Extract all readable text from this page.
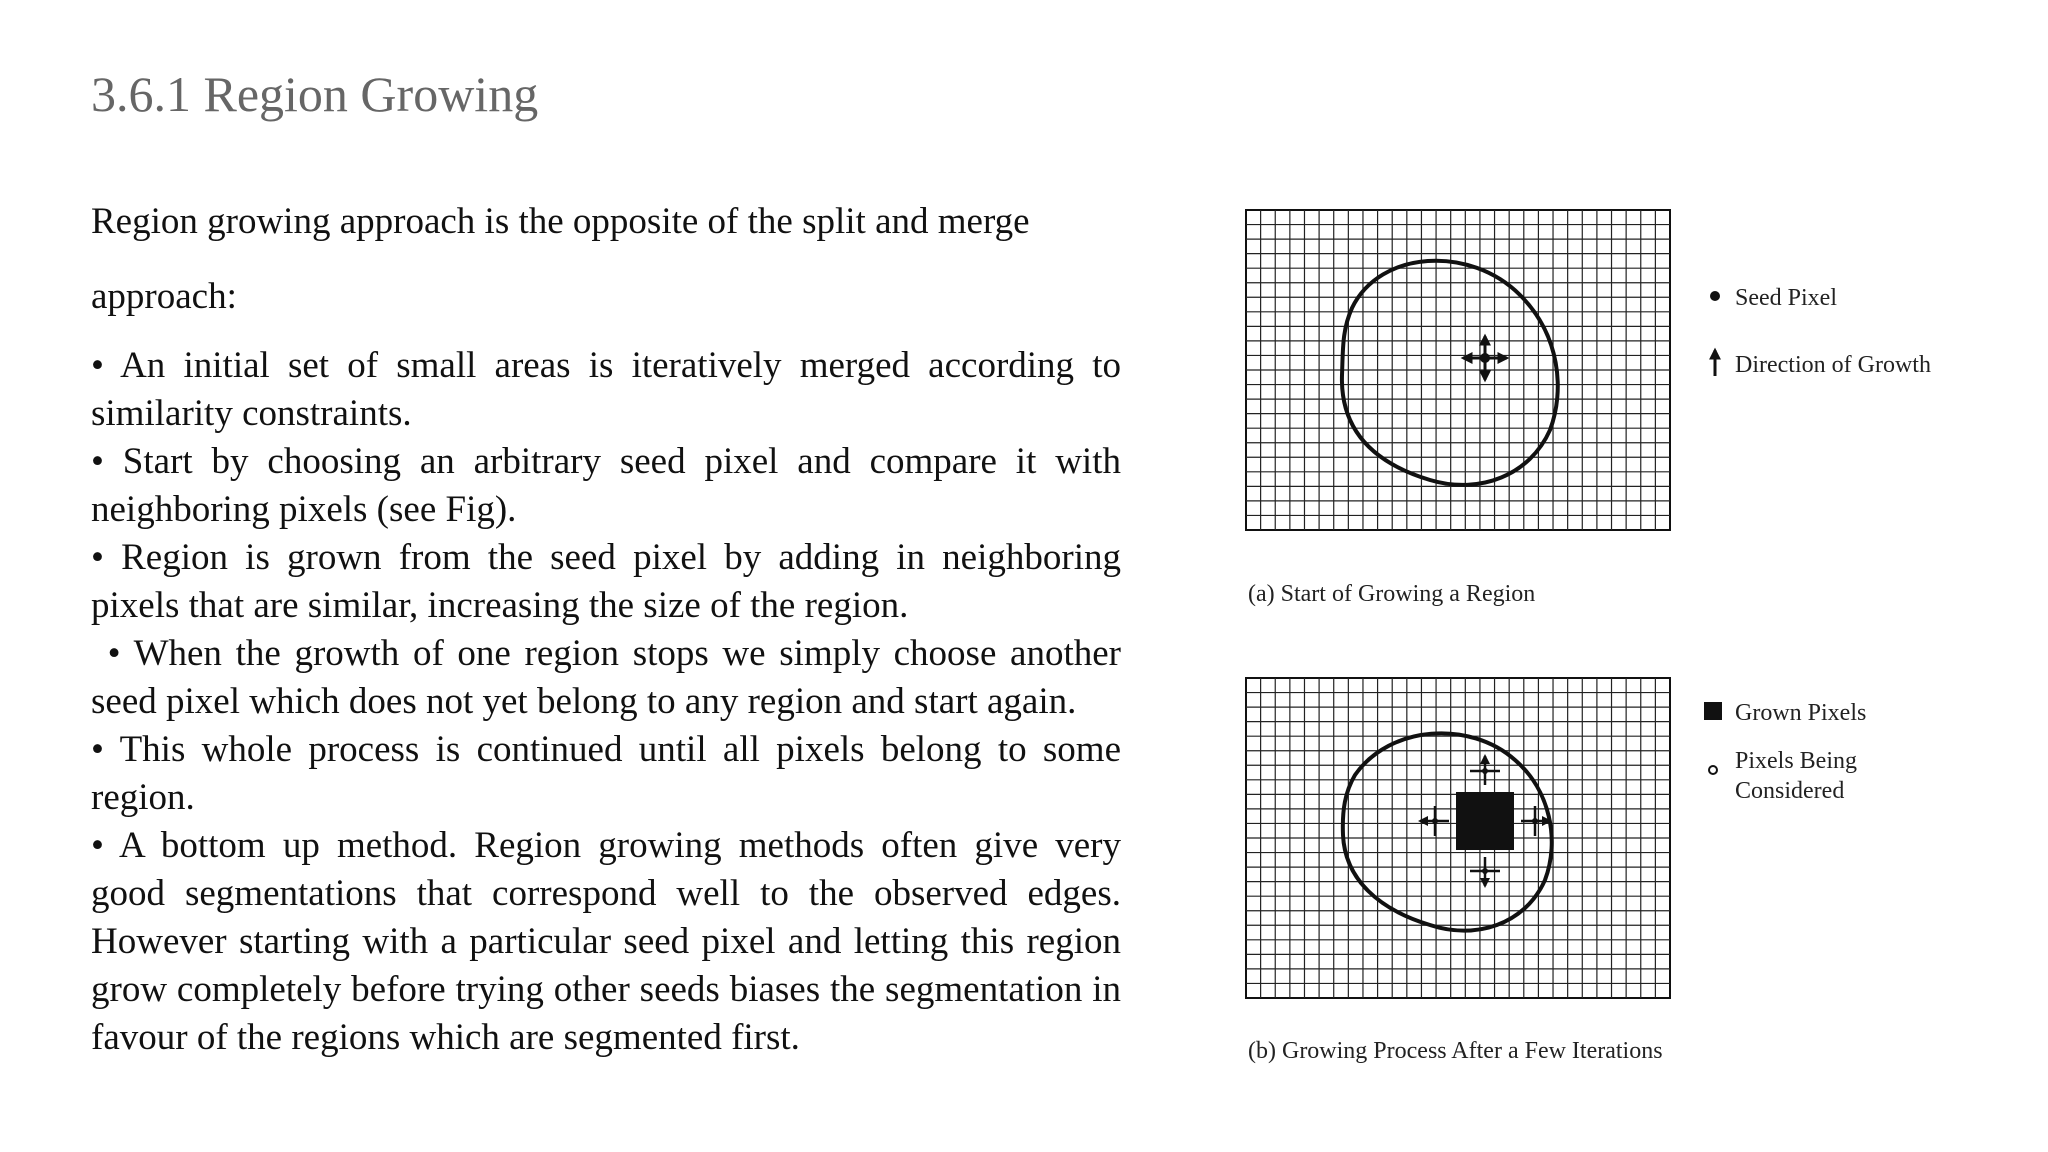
3.6.1 Region Growing

Region growing approach is the opposite of the split and merge approach:

• An initial set of small areas is iteratively merged according to similarity constraints.
• Start by choosing an arbitrary seed pixel and compare it with neighboring pixels (see Fig).
• Region is grown from the seed pixel by adding in neighboring pixels that are similar, increasing the size of the region.
• When the growth of one region stops we simply choose another seed pixel which does not yet belong to any region and start again.
• This whole process is continued until all pixels belong to some region.
• A bottom up method. Region growing methods often give very good segmentations that correspond well to the observed edges. However starting with a particular seed pixel and letting this region grow completely before trying other seeds biases the segmentation in favour of the regions which are segmented first.
Seed Pixel
Direction of Growth
(a) Start of Growing a Region
Grown Pixels
Pixels Being
Considered
(b) Growing Process After a Few Iterations
